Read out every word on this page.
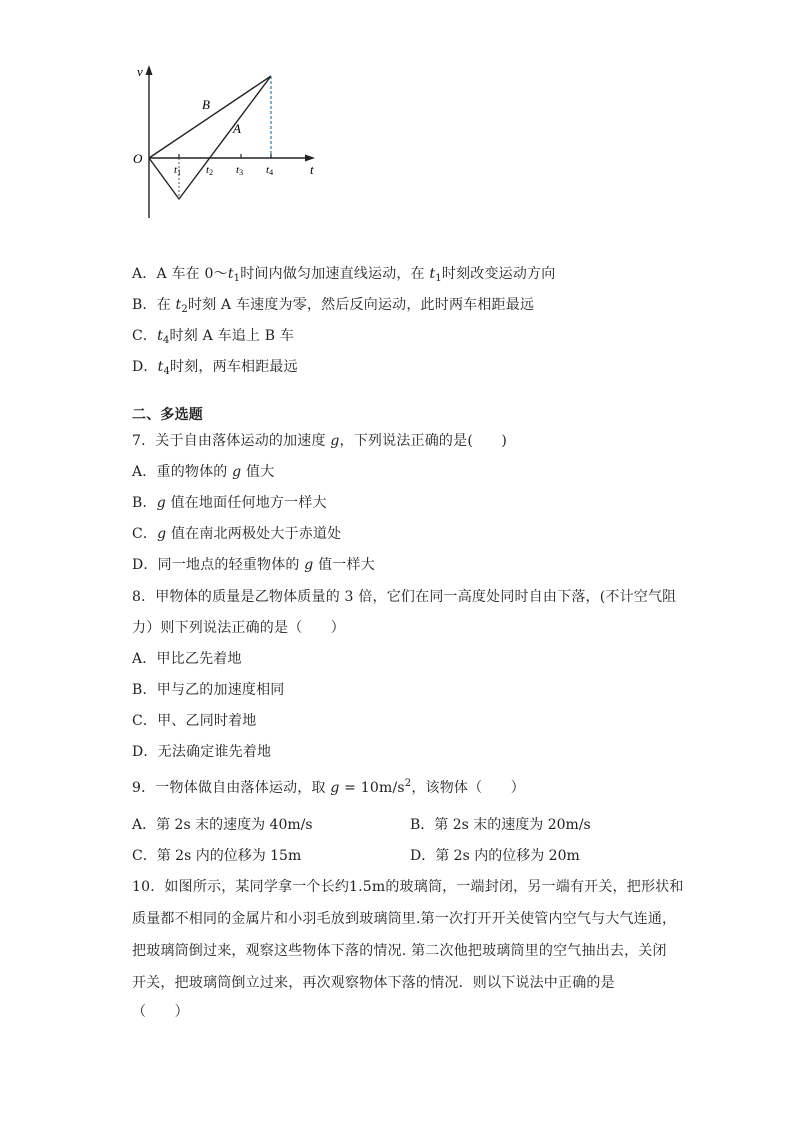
v
t
O
B
A
t1 t2 t3 t4
A．A 车在 $0\sim t_1$时间内做匀加速直线运动，在 $t_1$时刻改变运动方向
B．在 $t_2$时刻 A 车速度为零，然后反向运动，此时两车相距最远
C．$t_4$时刻 A 车追上 B 车
D．$t_4$时刻，两车相距最远
二、多选题
7．关于自由落体运动的加速度 g，下列说法正确的是(　　)
A．重的物体的 g 值大
B．g 值在地面任何地方一样大
C．g 值在南北两极处大于赤道处
D．同一地点的轻重物体的 g 值一样大
8．甲物体的质量是乙物体质量的 3 倍，它们在同一高度处同时自由下落，(不计空气阻
力）则下列说法正确的是（　　）
A．甲比乙先着地
B．甲与乙的加速度相同
C．甲、乙同时着地
D．无法确定谁先着地
9．一物体做自由落体运动，取 $g = 10m/s^2$，该物体（　　）
A．第 2s 末的速度为 40m/s	B．第 2s 末的速度为 20m/s
C．第 2s 内的位移为 15m	D．第 2s 内的位移为 20m
10．如图所示，某同学拿一个长约1.5m的玻璃筒，一端封闭，另一端有开关，把形状和
质量都不相同的金属片和小羽毛放到玻璃筒里.第一次打开开关使管内空气与大气连通，
把玻璃筒倒过来，观察这些物体下落的情况. 第二次他把玻璃筒里的空气抽出去，关闭
开关，把玻璃筒倒立过来，再次观察物体下落的情况．则以下说法中正确的是
（　　）
